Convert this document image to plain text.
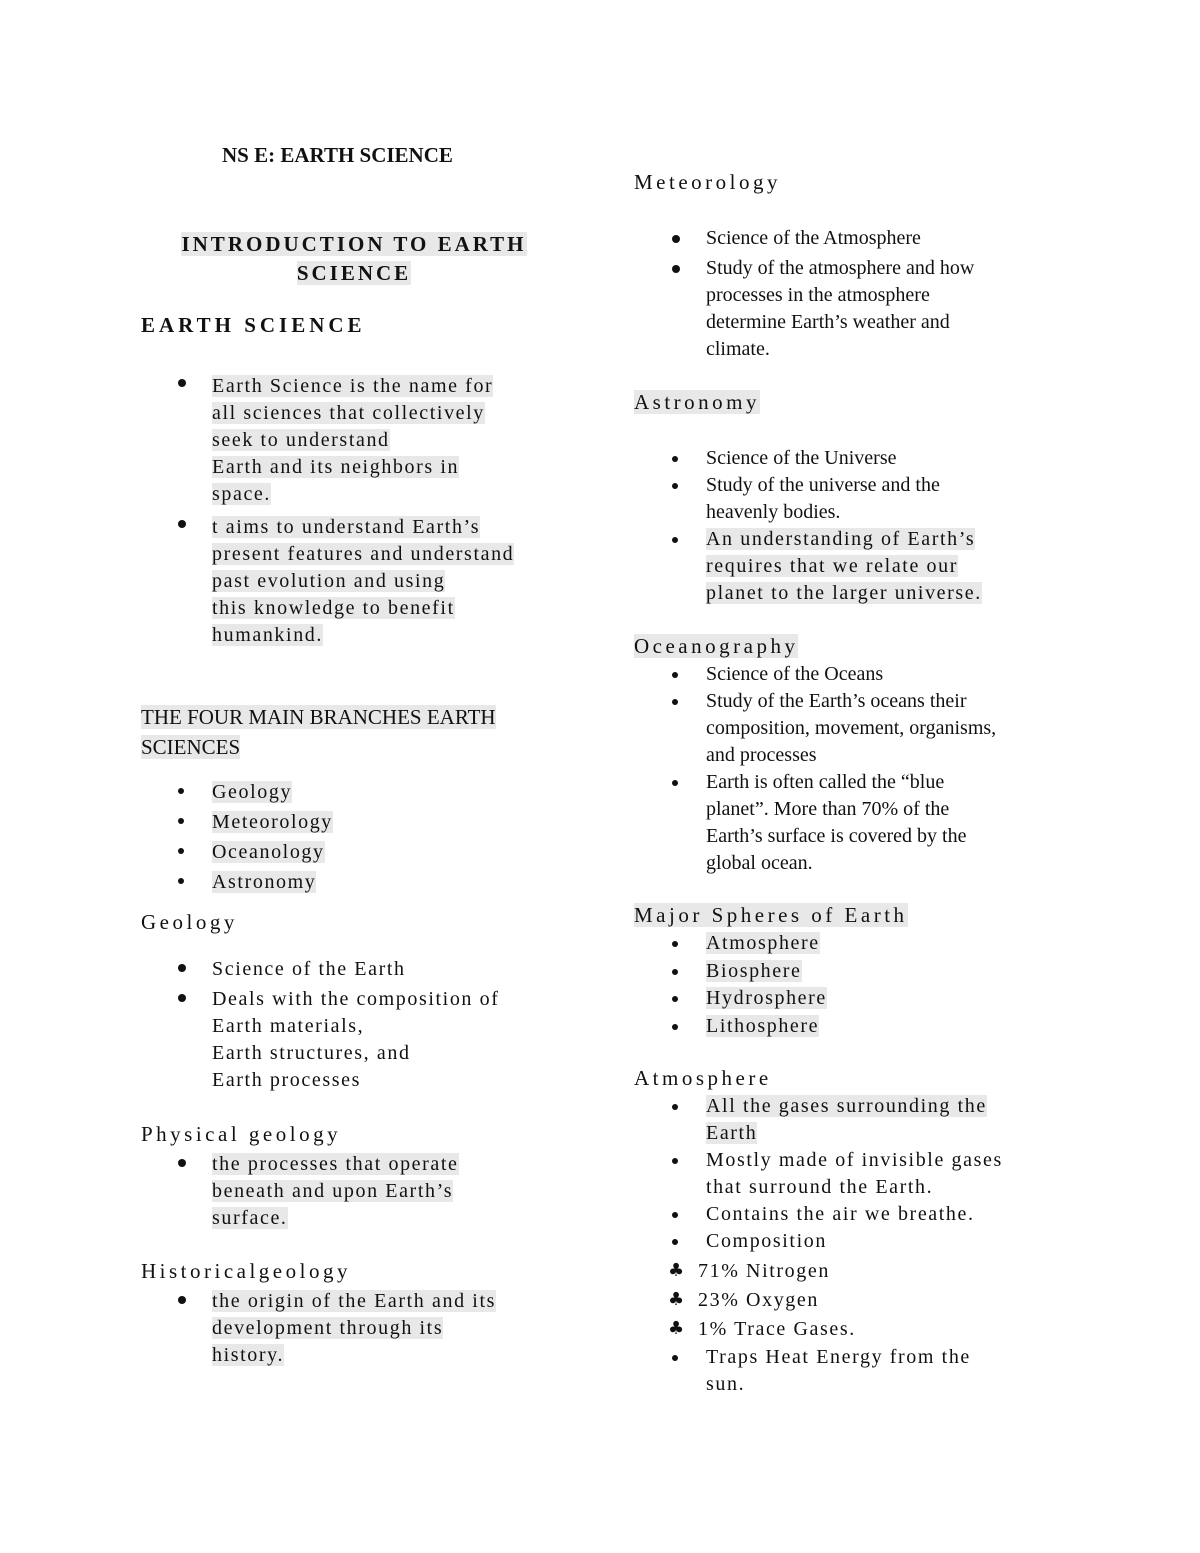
NS E: EARTH SCIENCE
INTRODUCTION TO EARTH
SCIENCE
EARTH SCIENCE
Earth Science is the name for
all sciences that collectively
seek to understand
Earth and its neighbors in
space.
t aims to understand Earth’s
present features and understand
past evolution and using
this knowledge to benefit
humankind.
THE FOUR MAIN BRANCHES EARTH
SCIENCES
Geology
Meteorology
Oceanology
Astronomy
Geology
Science of the Earth
Deals with the composition of
Earth materials,
Earth structures, and
Earth processes
Physical geology
the processes that operate
beneath and upon Earth’s
surface.
Historicalgeology
the origin of the Earth and its
development through its
history.
Meteorology
Science of the Atmosphere
Study of the atmosphere and how
processes in the atmosphere
determine Earth’s weather and
climate.
Astronomy
Science of the Universe
Study of the universe and the
heavenly bodies.
An understanding of Earth’s
requires that we relate our
planet to the larger universe.
Oceanography
Science of the Oceans
Study of the Earth’s oceans their
composition, movement, organisms,
and processes
Earth is often called the “blue
planet”. More than 70% of the
Earth’s surface is covered by the
global ocean.
Major Spheres of Earth
Atmosphere
Biosphere
Hydrosphere
Lithosphere
Atmosphere
All the gases surrounding the
Earth
Mostly made of invisible gases
that surround the Earth.
Contains the air we breathe.
Composition
♣ 71% Nitrogen
♣ 23% Oxygen
♣ 1% Trace Gases.
Traps Heat Energy from the
sun.
